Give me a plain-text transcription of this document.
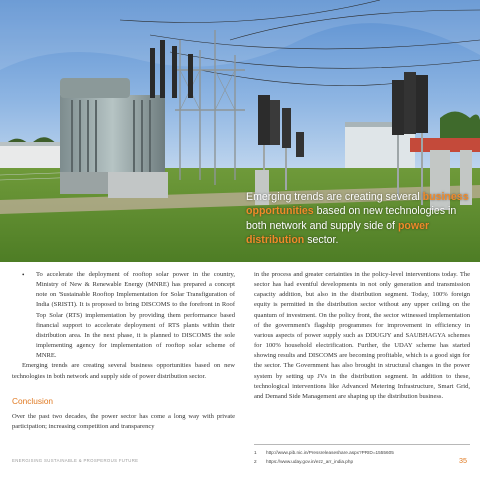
Emerging trends are creating several business opportunities based on new technologies in both network and supply side of power distribution sector.

• To accelerate the deployment of rooftop solar power in the country, Ministry of New & Renewable Energy (MNRE) has prepared a concept note on 'Sustainable Rooftop Implementation for Solar Transfiguration of India (SRISTI). It is proposed to bring DISCOMS to the forefront in Roof Top Solar (RTS) implementation by providing them performance based financial support to accelerate deployment of RTS plants within their distribution area. In the next phase, it is planned to DISCOMS the sole implementing agency for implementation of rooftop solar scheme of MNRE.

Emerging trends are creating several business opportunities based on new technologies in both network and supply side of power distribution sector.

Conclusion

Over the past two decades, the power sector has come a long way with private participation; increasing competition and transparency

in the process and greater certainties in the policy-level interventions today. The sector has had eventful developments in not only generation and transmission capacity addition, but also in the distribution segment. Today, 100% foreign equity is permitted in the distribution sector without any upper ceiling on the quantum of investment. On the policy front, the sector witnessed implementation of the government's flagship programmes for improvement in efficiency in various aspects of power supply such as DDUGJY and SAUBHAGYA schemes for 100% household electrification. Further, the UDAY scheme has started showing results and DISCOMS are becoming profitable, which is a good sign for the sector. The Government has also brought in structural changes in the power system by setting up JVs in the distribution segment. In addition to these, technological interventions like Advanced Metering Infrastructure, Smart Grid, and Demand Side Management are shaping up the distribution business.

1	http://www.pib.nic.in/Pressreleaseshare.aspx?PRID=1555605
2	https://www.uday.gov.in/ezz_arr_india.php
ENERGISING SUSTAINABLE & PROSPEROUS FUTURE	35
